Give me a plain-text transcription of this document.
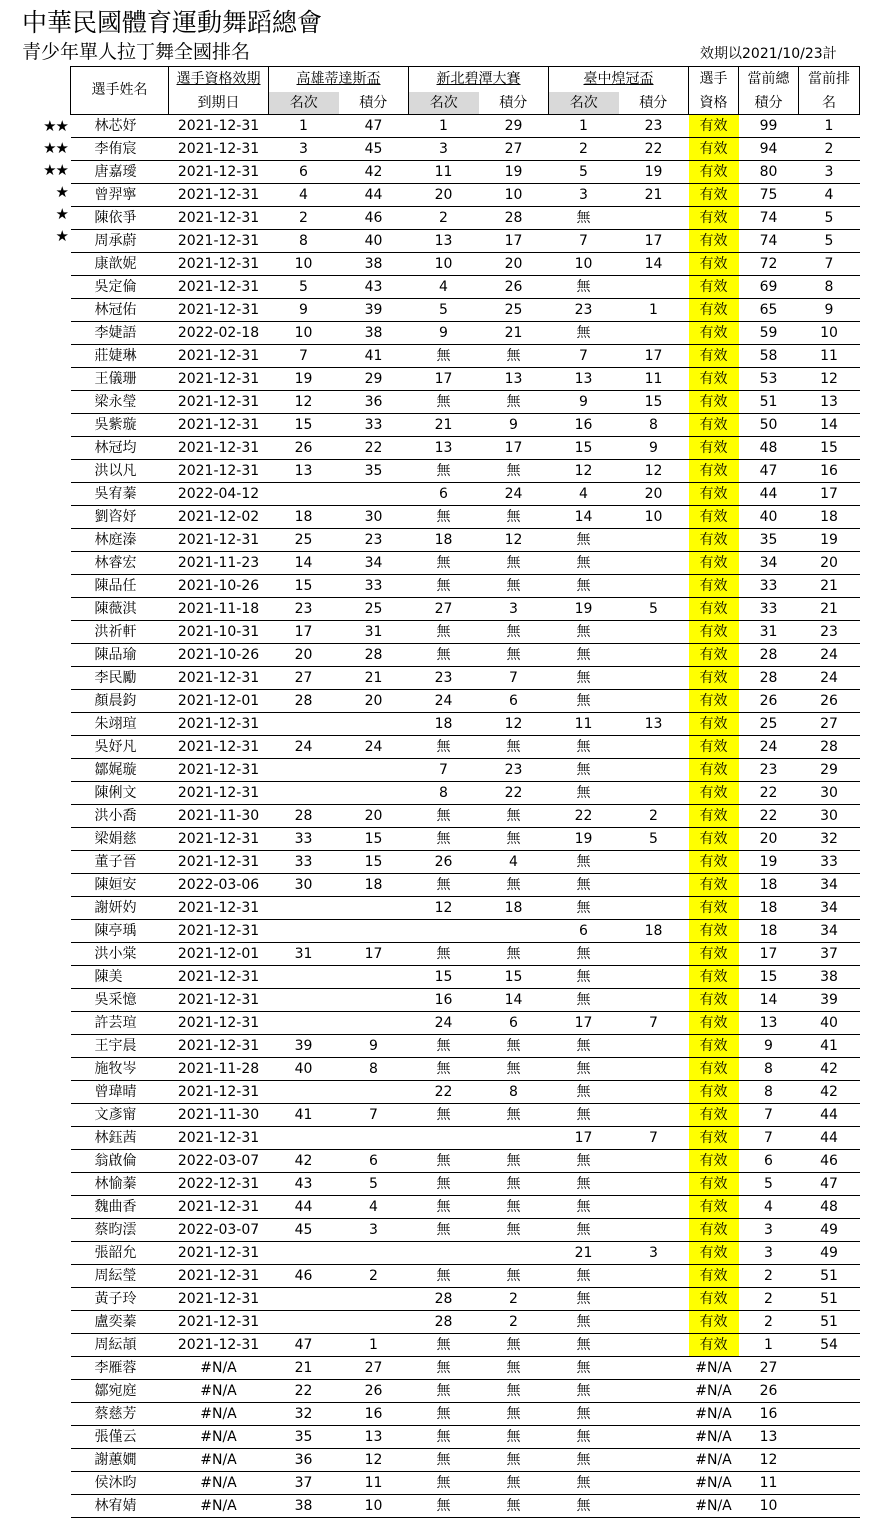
中華民國體育運動舞蹈總會
青少年單人拉丁舞全國排名	效期以2021/10/23計
★★
★★
★★
★
★
★
選手姓名	選手資格效期	高雄蒂達斯盃		新北碧潭大賽		臺中煌冠盃		選手	當前總	當前排
	到期日	名次	積分	名次	積分	名次	積分	資格	積分	名
林芯妤	2021-12-31	1	47	1	29	1	23	有效	99	1
李侑宸	2021-12-31	3	45	3	27	2	22	有效	94	2
唐嘉璦	2021-12-31	6	42	11	19	5	19	有效	80	3
曾羿寧	2021-12-31	4	44	20	10	3	21	有效	75	4
陳依爭	2021-12-31	2	46	2	28	無		有效	74	5
周承蔚	2021-12-31	8	40	13	17	7	17	有效	74	5
康歆妮	2021-12-31	10	38	10	20	10	14	有效	72	7
吳定倫	2021-12-31	5	43	4	26	無		有效	69	8
林冠佑	2021-12-31	9	39	5	25	23	1	有效	65	9
李婕語	2022-02-18	10	38	9	21	無		有效	59	10
莊婕琳	2021-12-31	7	41	無	無	7	17	有效	58	11
王儀珊	2021-12-31	19	29	17	13	13	11	有效	53	12
梁永瑩	2021-12-31	12	36	無	無	9	15	有效	51	13
吳紫璇	2021-12-31	15	33	21	9	16	8	有效	50	14
林冠均	2021-12-31	26	22	13	17	15	9	有效	48	15
洪以凡	2021-12-31	13	35	無	無	12	12	有效	47	16
吳宥蓁	2022-04-12			6	24	4	20	有效	44	17
劉咨妤	2021-12-02	18	30	無	無	14	10	有效	40	18
林庭溱	2021-12-31	25	23	18	12	無		有效	35	19
林睿宏	2021-11-23	14	34	無	無	無		有效	34	20
陳品任	2021-10-26	15	33	無	無	無		有效	33	21
陳薇淇	2021-11-18	23	25	27	3	19	5	有效	33	21
洪祈軒	2021-10-31	17	31	無	無	無		有效	31	23
陳品瑜	2021-10-26	20	28	無	無	無		有效	28	24
李民勵	2021-12-31	27	21	23	7	無		有效	28	24
顏晨鈞	2021-12-01	28	20	24	6	無		有效	26	26
朱翊瑄	2021-12-31			18	12	11	13	有效	25	27
吳妤凡	2021-12-31	24	24	無	無	無		有效	24	28
鄒娓璇	2021-12-31			7	23	無		有效	23	29
陳俐文	2021-12-31			8	22	無		有效	22	30
洪小喬	2021-11-30	28	20	無	無	22	2	有效	22	30
梁娟慈	2021-12-31	33	15	無	無	19	5	有效	20	32
董子晉	2021-12-31	33	15	26	4	無		有效	19	33
陳姮安	2022-03-06	30	18	無	無	無		有效	18	34
謝妍妁	2021-12-31			12	18	無		有效	18	34
陳亭瑀	2021-12-31					6	18	有效	18	34
洪小棠	2021-12-01	31	17	無	無	無		有效	17	37
陳美	2021-12-31			15	15	無		有效	15	38
吳采憶	2021-12-31			16	14	無		有效	14	39
許芸瑄	2021-12-31			24	6	17	7	有效	13	40
王宇晨	2021-12-31	39	9	無	無	無		有效	9	41
施牧岑	2021-11-28	40	8	無	無	無		有效	8	42
曾瑋晴	2021-12-31			22	8	無		有效	8	42
文彥甯	2021-11-30	41	7	無	無	無		有效	7	44
林鈺茜	2021-12-31					17	7	有效	7	44
翁啟倫	2022-03-07	42	6	無	無	無		有效	6	46
林愉蓁	2022-12-31	43	5	無	無	無		有效	5	47
魏曲香	2021-12-31	44	4	無	無	無		有效	4	48
蔡昀澐	2022-03-07	45	3	無	無	無		有效	3	49
張韶允	2021-12-31					21	3	有效	3	49
周紜瑩	2021-12-31	46	2	無	無	無		有效	2	51
黃子玲	2021-12-31			28	2	無		有效	2	51
盧奕蓁	2021-12-31			28	2	無		有效	2	51
周紜頡	2021-12-31	47	1	無	無	無		有效	1	54
李雁蓉	#N/A	21	27	無	無	無		#N/A	27	
鄒宛庭	#N/A	22	26	無	無	無		#N/A	26	
蔡慈芳	#N/A	32	16	無	無	無		#N/A	16	
張僅云	#N/A	35	13	無	無	無		#N/A	13	
謝蕙嫺	#N/A	36	12	無	無	無		#N/A	12	
侯沐昀	#N/A	37	11	無	無	無		#N/A	11	
林宥婧	#N/A	38	10	無	無	無		#N/A	10	
